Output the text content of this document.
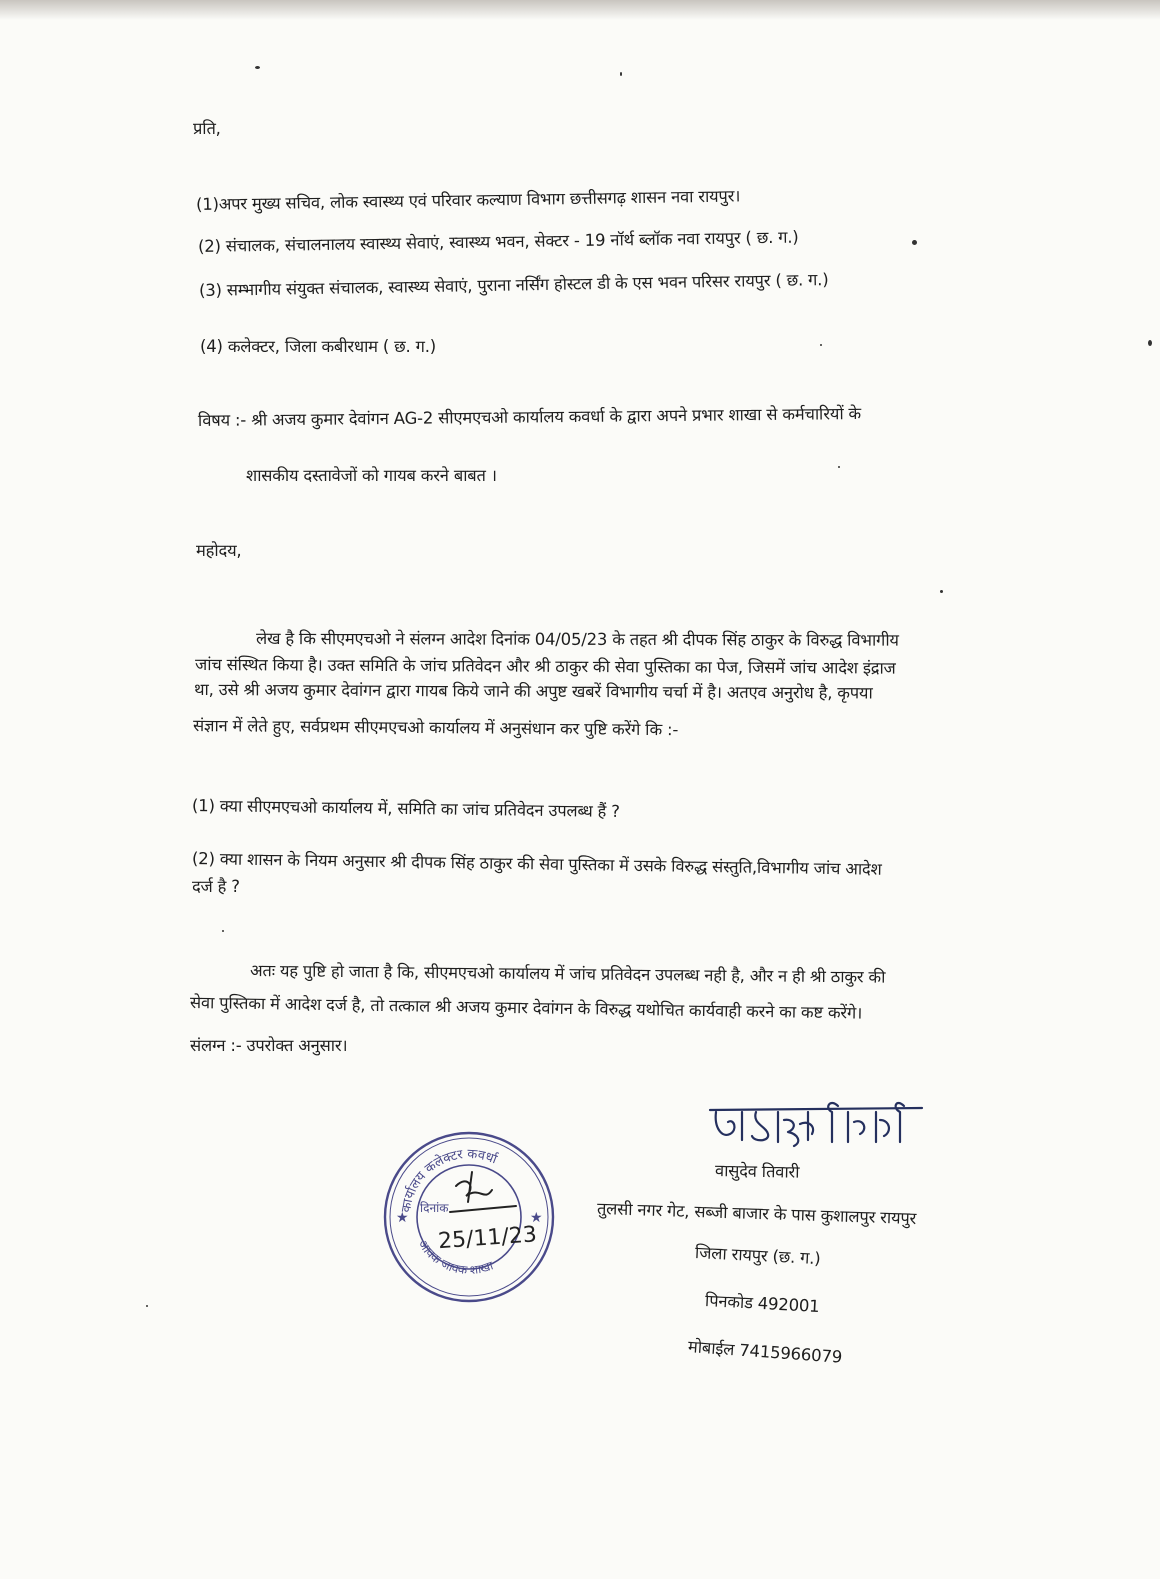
प्रति,
(1)अपर मुख्य सचिव, लोक स्वास्थ्य एवं परिवार कल्याण विभाग छत्तीसगढ़ शासन नवा रायपुर।
(2) संचालक, संचालनालय स्वास्थ्य सेवाएं, स्वास्थ्य भवन, सेक्टर - 19 नॉर्थ ब्लॉक नवा रायपुर ( छ. ग.)
(3) सम्भागीय संयुक्त संचालक, स्वास्थ्य सेवाएं, पुराना नर्सिंग होस्टल डी के एस भवन परिसर रायपुर ( छ. ग.)
(4) कलेक्टर, जिला कबीरधाम ( छ. ग.)
विषय :- श्री अजय कुमार देवांगन AG-2 सीएमएचओ कार्यालय कवर्धा के द्वारा अपने प्रभार शाखा से कर्मचारियों के
शासकीय दस्तावेजों को गायब करने बाबत ।
महोदय,
लेख है कि सीएमएचओ ने संलग्न आदेश दिनांक 04/05/23 के तहत श्री दीपक सिंह ठाकुर के विरुद्ध विभागीय
जांच संस्थित किया है। उक्त समिति के जांच प्रतिवेदन और श्री ठाकुर की सेवा पुस्तिका का पेज, जिसमें जांच आदेश इंद्राज
था, उसे श्री अजय कुमार देवांगन द्वारा गायब किये जाने की अपुष्ट खबरें विभागीय चर्चा में है। अतएव अनुरोध है, कृपया
संज्ञान में लेते हुए, सर्वप्रथम सीएमएचओ कार्यालय में अनुसंधान कर पुष्टि करेंगे कि :-
(1) क्या सीएमएचओ कार्यालय में, समिति का जांच प्रतिवेदन उपलब्ध हैं ?
(2) क्या शासन के नियम अनुसार श्री दीपक सिंह ठाकुर की सेवा पुस्तिका में उसके विरुद्ध संस्तुति,विभागीय जांच आदेश
दर्ज है ?
अतः यह पुष्टि हो जाता है कि, सीएमएचओ कार्यालय में जांच प्रतिवेदन उपलब्ध नही है, और न ही श्री ठाकुर की
सेवा पुस्तिका में आदेश दर्ज है, तो तत्काल श्री अजय कुमार देवांगन के विरुद्ध यथोचित कार्यवाही करने का कष्ट करेंगे।
संलग्न :- उपरोक्त अनुसार।
कार्यालय कलेक्टर कवर्धा
आवक जावक शाखा
दिनांक
★	★
25/11/23
वासुदेव तिवारी
तुलसी नगर गेट, सब्जी बाजार के पास कुशालपुर रायपुर
जिला रायपुर (छ. ग.)
पिनकोड 492001
मोबाईल 7415966079
